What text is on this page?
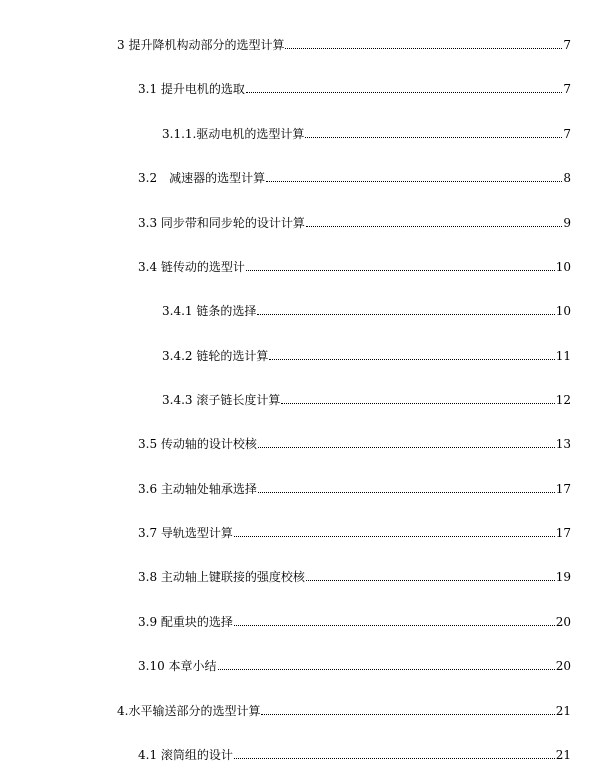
3 提升降机构动部分的选型计算	7
3.1 提升电机的选取	7
3.1.1.驱动电机的选型计算	7
3.2　减速器的选型计算	8
3.3 同步带和同步轮的设计计算	9
3.4 链传动的选型计	10
3.4.1 链条的选择	10
3.4.2 链轮的选计算	11
3.4.3 滚子链长度计算	12
3.5 传动轴的设计校核	13
3.6 主动轴处轴承选择	17
3.7 导轨选型计算	17
3.8 主动轴上键联接的强度校核	19
3.9 配重块的选择	20
3.10 本章小结	20
4.水平输送部分的选型计算	21
4.1 滚筒组的设计	21
